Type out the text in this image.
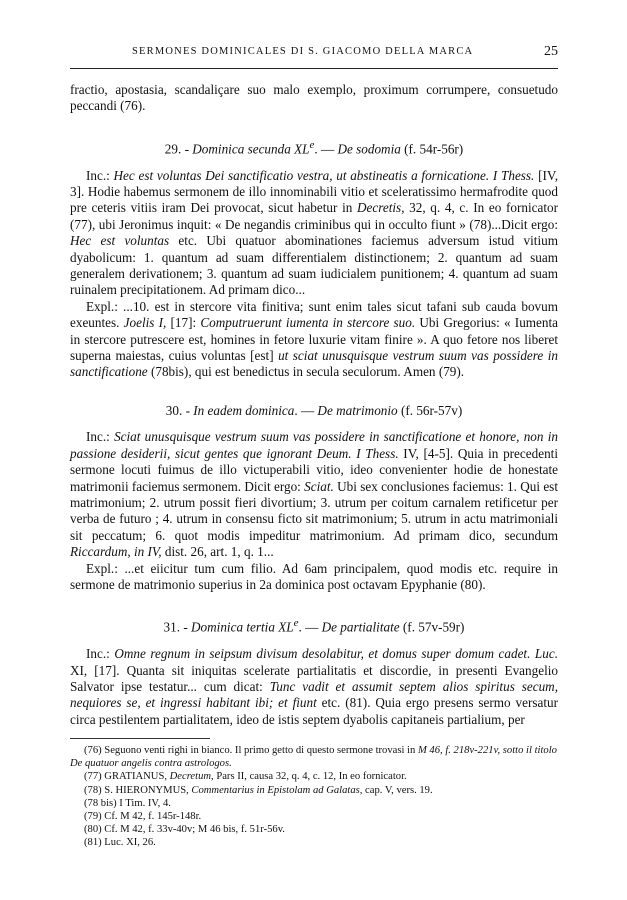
SERMONES DOMINICALES DI S. GIACOMO DELLA MARCA	25

fractio, apostasia, scandaliçare suo malo exemplo, proximum corrumpere, consuetudo peccandi (76).

29. - Dominica secunda XLe. — De sodomia (f. 54r-56r)

Inc.: Hec est voluntas Dei sanctificatio vestra, ut abstineatis a fornicatione. I Thess. [IV, 3]. Hodie habemus sermonem de illo innominabili vitio et sceleratissimo hermafrodite quod pre ceteris vitiis iram Dei provocat, sicut habetur in Decretis, 32, q. 4, c. In eo fornicator (77), ubi Jeronimus inquit: « De negandis criminibus qui in occulto fiunt » (78)...Dicit ergo: Hec est voluntas etc. Ubi quatuor abominationes faciemus adversum istud vitium dyabolicum: 1. quantum ad suam differentialem distinctionem; 2. quantum ad suam generalem derivationem; 3. quantum ad suam iudicialem punitionem; 4. quantum ad suam ruinalem precipitationem. Ad primam dico...

Expl.: ...10. est in stercore vita finitiva; sunt enim tales sicut tafani sub cauda bovum exeuntes. Joelis I, [17]: Computruerunt iumenta in stercore suo. Ubi Gregorius: « Iumenta in stercore putrescere est, homines in fetore luxurie vitam finire ». A quo fetore nos liberet superna maiestas, cuius voluntas [est] ut sciat unusquisque vestrum suum vas possidere in sanctificatione (78bis), qui est benedictus in secula seculorum. Amen (79).

30. - In eadem dominica. — De matrimonio (f. 56r-57v)

Inc.: Sciat unusquisque vestrum suum vas possidere in sanctificatione et honore, non in passione desiderii, sicut gentes que ignorant Deum. I Thess. IV, [4-5]. Quia in precedenti sermone locuti fuimus de illo victuperabili vitio, ideo convenienter hodie de honestate matrimonii faciemus sermonem. Dicit ergo: Sciat. Ubi sex conclusiones faciemus: 1. Qui est matrimonium; 2. utrum possit fieri divortium; 3. utrum per coitum carnalem retificetur per verba de futuro ; 4. utrum in consensu ficto sit matrimonium; 5. utrum in actu matrimoniali sit peccatum; 6. quot modis impeditur matrimonium. Ad primam dico, secundum Riccardum, in IV, dist. 26, art. 1, q. 1...

Expl.: ...et eiicitur tum cum filio. Ad 6am principalem, quod modis etc. require in sermone de matrimonio superius in 2a dominica post octavam Epyphanie (80).

31. - Dominica tertia XLe. — De partialitate (f. 57v-59r)

Inc.: Omne regnum in seipsum divisum desolabitur, et domus super domum cadet. Luc. XI, [17]. Quanta sit iniquitas scelerate partialitatis et discordie, in presenti Evangelio Salvator ipse testatur... cum dicat: Tunc vadit et assumit septem alios spiritus secum, nequiores se, et ingressi habitant ibi; et fiunt etc. (81). Quia ergo presens sermo versatur circa pestilentem partialitatem, ideo de istis septem dyabolis capitaneis partialium, per

(76) Seguono venti righi in bianco. Il primo getto di questo sermone trovasi in M 46, f. 218v-221v, sotto il titolo De quatuor angelis contra astrologos.

(77) GRATIANUS, Decretum, Pars II, causa 32, q. 4, c. 12, In eo fornicator.

(78) S. HIERONYMUS, Commentarius in Epistolam ad Galatas, cap. V, vers. 19.

(78 bis) I Tim. IV, 4.

(79) Cf. M 42, f. 145r-148r.

(80) Cf. M 42, f. 33v-40v; M 46 bis, f. 51r-56v.

(81) Luc. XI, 26.
